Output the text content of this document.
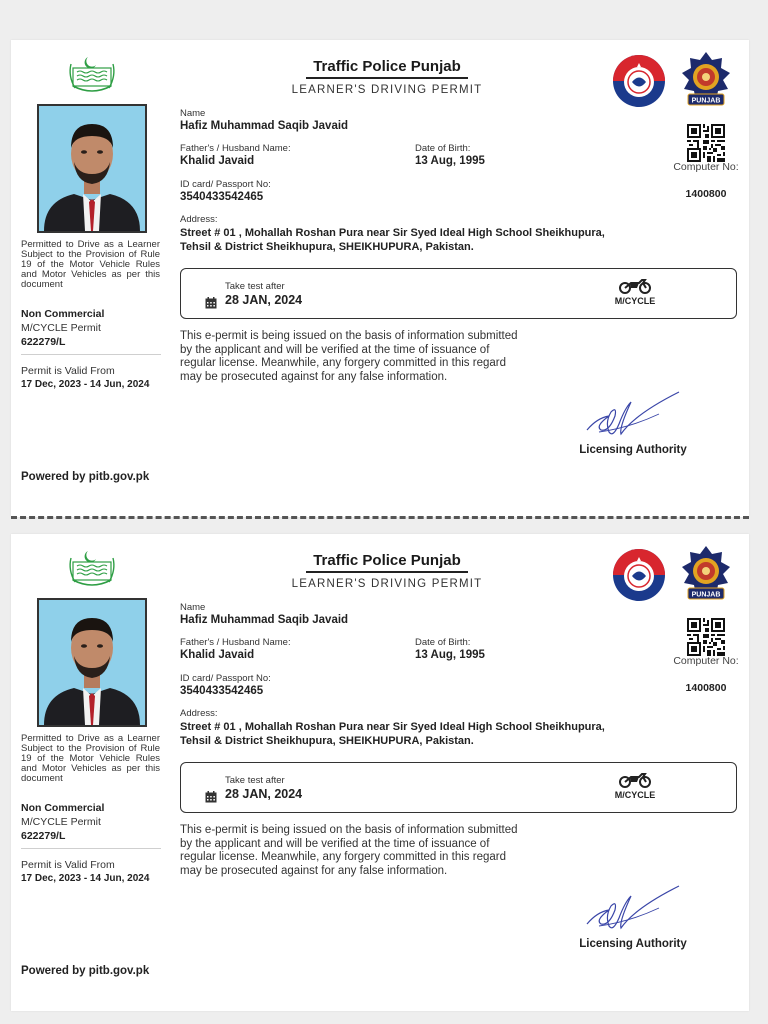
Permitted to Drive as a Learner Subject to the Provision of Rule 19 of the Motor Vehicle Rules and Motor Vehicles as per this document
Non Commercial
M/CYCLE Permit
622279/L
Permit is Valid From
17 Dec, 2023 - 14 Jun, 2024
Powered by pitb.gov.pk
Traffic Police Punjab
LEARNER'S DRIVING PERMIT
PUNJAB
Name
Hafiz Muhammad Saqib Javaid
Father's / Husband Name:
Khalid Javaid
Date of Birth:
13 Aug, 1995
ID card/ Passport No:
3540433542465
Address:
Street # 01 , Mohallah Roshan Pura near Sir Syed Ideal High School Sheikhupura, Tehsil & District Sheikhupura, SHEIKHUPURA, Pakistan.
Computer No:
1400800
Take test after
28 JAN, 2024	M/CYCLE
This e-permit is being issued on the basis of information submitted by the applicant and will be verified at the time of issuance of regular license. Meanwhile, any forgery committed in this regard may be prosecuted against for any false information.
Licensing Authority
Permitted to Drive as a Learner Subject to the Provision of Rule 19 of the Motor Vehicle Rules and Motor Vehicles as per this document
Non Commercial
M/CYCLE Permit
622279/L
Permit is Valid From
17 Dec, 2023 - 14 Jun, 2024
Powered by pitb.gov.pk
Traffic Police Punjab
LEARNER'S DRIVING PERMIT
PUNJAB
Name
Hafiz Muhammad Saqib Javaid
Father's / Husband Name:
Khalid Javaid
Date of Birth:
13 Aug, 1995
ID card/ Passport No:
3540433542465
Address:
Street # 01 , Mohallah Roshan Pura near Sir Syed Ideal High School Sheikhupura, Tehsil & District Sheikhupura, SHEIKHUPURA, Pakistan.
Computer No:
1400800
Take test after
28 JAN, 2024	M/CYCLE
This e-permit is being issued on the basis of information submitted by the applicant and will be verified at the time of issuance of regular license. Meanwhile, any forgery committed in this regard may be prosecuted against for any false information.
Licensing Authority
